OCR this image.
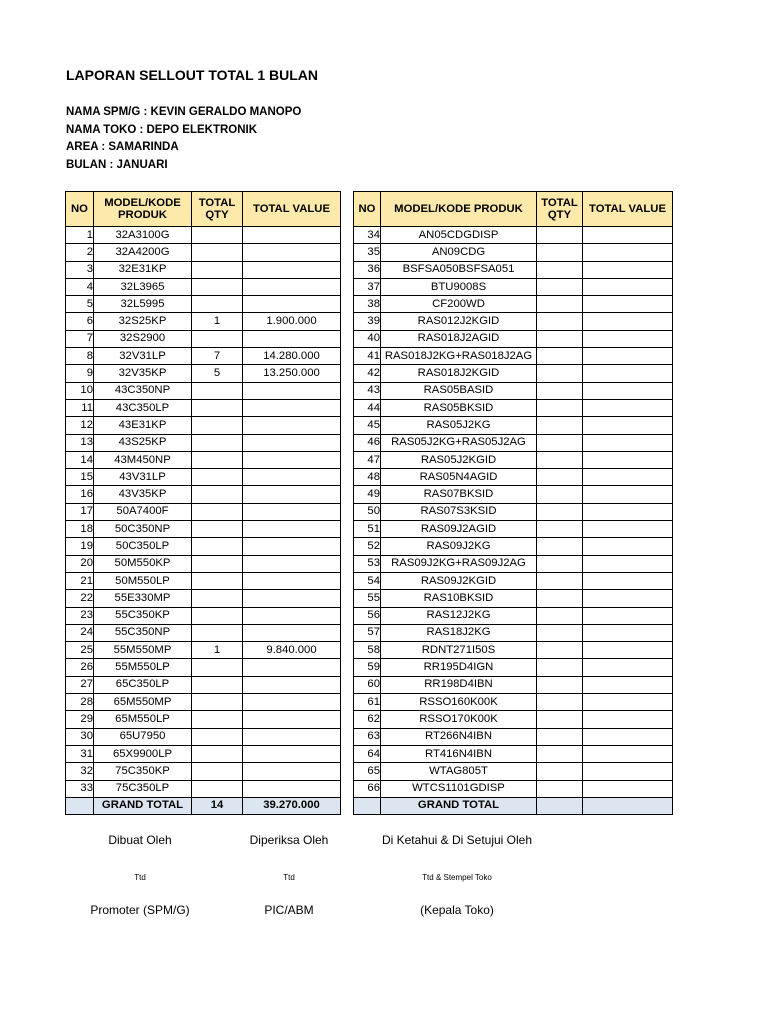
LAPORAN SELLOUT TOTAL 1 BULAN
NAMA SPM/G : KEVIN GERALDO MANOPO
NAMA TOKO : DEPO ELEKTRONIK
AREA : SAMARINDA
BULAN : JANUARI
NO	MODEL/KODE PRODUK	TOTAL QTY	TOTAL VALUE
1	32A3100G		
2	32A4200G		
3	32E31KP		
4	32L3965		
5	32L5995		
6	32S25KP	1	1.900.000
7	32S2900		
8	32V31LP	7	14.280.000
9	32V35KP	5	13.250.000
10	43C350NP		
11	43C350LP		
12	43E31KP		
13	43S25KP		
14	43M450NP		
15	43V31LP		
16	43V35KP		
17	50A7400F		
18	50C350NP		
19	50C350LP		
20	50M550KP		
21	50M550LP		
22	55E330MP		
23	55C350KP		
24	55C350NP		
25	55M550MP	1	9.840.000
26	55M550LP		
27	65C350LP		
28	65M550MP		
29	65M550LP		
30	65U7950		
31	65X9900LP		
32	75C350KP		
33	75C350LP		
	GRAND TOTAL	14	39.270.000
NO	MODEL/KODE PRODUK	TOTAL QTY	TOTAL VALUE
34	AN05CDGDISP		
35	AN09CDG		
36	BSFSA050BSFSA051		
37	BTU9008S		
38	CF200WD		
39	RAS012J2KGID		
40	RAS018J2AGID		
41	RAS018J2KG+RAS018J2AG		
42	RAS018J2KGID		
43	RAS05BASID		
44	RAS05BKSID		
45	RAS05J2KG		
46	RAS05J2KG+RAS05J2AG		
47	RAS05J2KGID		
48	RAS05N4AGID		
49	RAS07BKSID		
50	RAS07S3KSID		
51	RAS09J2AGID		
52	RAS09J2KG		
53	RAS09J2KG+RAS09J2AG		
54	RAS09J2KGID		
55	RAS10BKSID		
56	RAS12J2KG		
57	RAS18J2KG		
58	RDNT271I50S		
59	RR195D4IGN		
60	RR198D4IBN		
61	RSSO160K00K		
62	RSSO170K00K		
63	RT266N4IBN		
64	RT416N4IBN		
65	WTAG805T		
66	WTCS1101GDISP		
	GRAND TOTAL		
Dibuat Oleh	Diperiksa Oleh	Di Ketahui & Di Setujui Oleh
Ttd	Ttd	Ttd & Stempel Toko
Promoter (SPM/G)	PIC/ABM	(Kepala Toko)
